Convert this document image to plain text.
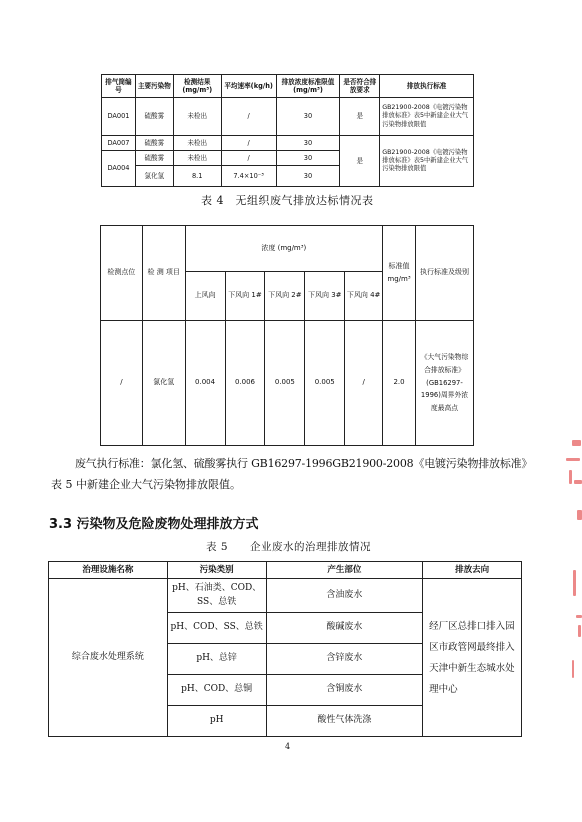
排气筒编号	主要污染物	检测结果(mg/m³)	平均速率(kg/h)	排放浓度标准限值(mg/m³)	是否符合排放要求	排放执行标准
DA001	硫酸雾	未检出	/	30	是	GB21900-2008《电镀污染物排放标准》表5中新建企业大气污染物排放限值
DA007	硫酸雾	未检出	/	30	是	GB21900-2008《电镀污染物排放标准》表5中新建企业大气污染物排放限值
DA004	硫酸雾	未检出	/	30		
	氯化氢	8.1	7.4×10⁻³	30		
表 4　无组织废气排放达标情况表
检测点位	检 测 项目	浓度 (mg/m³)					标准值 mg/m³	执行标准及级别
		上风向	下风向 1#	下风向 2#	下风向 3#	下风向 4#		
/	氯化氢	0.004	0.006	0.005	0.005	/	2.0	《大气污染物综合排放标准》(GB16297-1996)周界外浓度最高点
废气执行标准：氯化氢、硫酸雾执行 GB16297-1996GB21900-2008《电镀污染物排放标准》
表 5 中新建企业大气污染物排放限值。
3.3 污染物及危险废物处理排放方式
表 5　　企业废水的治理排放情况
治理设施名称	污染类别	产生部位	排放去向
综合废水处理系统	pH、石油类、COD、SS、总铁	含油废水	经厂区总排口排入园区市政管网最终排入天津中新生态城水处理中心
	pH、COD、SS、总铁	酸碱废水	
	pH、总锌	含锌废水	
	pH、COD、总铜	含铜废水	
	pH	酸性气体洗涤	
4
